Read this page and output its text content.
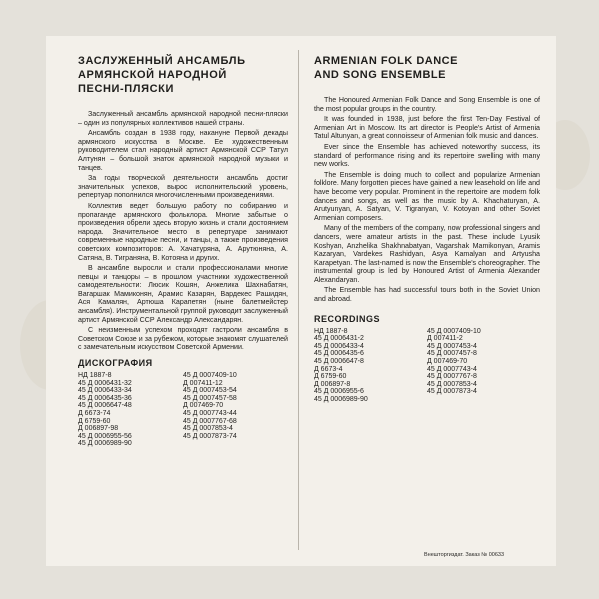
ЗАСЛУЖЕННЫЙ АНСАМБЛЬ
АРМЯНСКОЙ НАРОДНОЙ
ПЕСНИ-ПЛЯСКИ

Заслуженный ансамбль армянской народной песни-пляски – один из популярных коллективов нашей страны.

Ансамбль создан в 1938 году, накануне Первой декады армянского искусства в Москве. Ее художественным руководителем стал народный артист Армянской ССР Татул Алтунян – большой знаток армянской народной музыки и танцев.

За годы творческой деятельности ансамбль достиг значительных успехов, вырос исполнительский уровень, репертуар пополнился многочисленными произведениями.

Коллектив ведет большую работу по собиранию и пропаганде армянского фольклора. Многие забытые о произведения обрели здесь вторую жизнь и стали достоянием народа. Значительное место в репертуаре занимают современные народные песни, и танцы, а также произведения советских композиторов: А. Хачатуряна, А. Арутюняна, А. Сатяна, В. Тиграняна, В. Котояна и других.

В ансамбле выросли и стали профессионалами многие певцы и танцоры – в прошлом участники художественной самодеятельности: Люсик Кошян, Анжелика Шахнабатян, Вагаршак Мамиконян, Арамис Казарян, Вардекес Рашидян, Ася Камалян, Артюша Карапетян (ныне балетмейстер ансамбля). Инструментальной группой руководит заслуженный артист Армянской ССР Александр Александарян.

С неизменным успехом проходят гастроли ансамбля в Советском Союзе и за рубежом, которые знакомят слушателей с замечательным искусством Советской Армении.

ДИСКОГРАФИЯ
НД 1887-8
45 Д 0006431-32
45 Д 0006433-34
45 Д 0006435-36
45 Д 0006647-48
Д 6673-74
Д 6759-60
Д 006897-98
45 Д 0006955-56
45 Д 0006989-90
45 Д 0007409-10
Д 007411-12
45 Д 0007453-54
45 Д 0007457-58
Д 007469-70
45 Д 0007743-44
45 Д 0007767-68
45 Д 0007853-4
45 Д 0007873-74
ARMENIAN FOLK DANCE
AND SONG ENSEMBLE

The Honoured Armenian Folk Dance and Song Ensemble is one of the most popular groups in the country.

It was founded in 1938, just before the first Ten-Day Festival of Armenian Art in Moscow. Its art director is People's Artist of Armenia Tatul Altunyan, a great connoisseur of Armenian folk music and dances.

Ever since the Ensemble has achieved noteworthy success, its standard of performance rising and its repertoire swelling with many new works.

The Ensemble is doing much to collect and popularize Armenian folklore. Many forgotten pieces have gained a new leasehold on life and have become very popular. Prominent in the repertoire are modern folk dances and songs, as well as the music by A. Khachaturyan, A. Arutyunyan, A. Satyan, V. Tigranyan, V. Kotoyan and other Soviet Armenian composers.

Many of the members of the company, now professional singers and dancers, were amateur artists in the past. These include Lyusik Koshyan, Anzhelika Shakhnabatyan, Vagarshak Mamikonyan, Aramis Kazaryan, Vardekes Rashidyan, Asya Kamalyan and Artyusha Karapetyan. The last-named is now the Ensemble's choreographer. The instrumental group is led by Honoured Artist of Armenia Alexander Alexandaryan.

The Ensemble has had successful tours both in the Soviet Union and abroad.

RECORDINGS
НД 1887-8
45 Д 0006431-2
45 Д 0006433-4
45 Д 0006435-6
45 Д 0006647-8
Д 6673-4
Д 6759-60
Д 006897-8
45 Д 0006955-6
45 Д 0006989-90
45 Д 0007409-10
Д 007411-2
45 Д 0007453-4
45 Д 0007457-8
Д 007469-70
45 Д 0007743-4
45 Д 0007767-8
45 Д 0007853-4
45 Д 0007873-4
Внешторгиздат. Заказ № 00633
